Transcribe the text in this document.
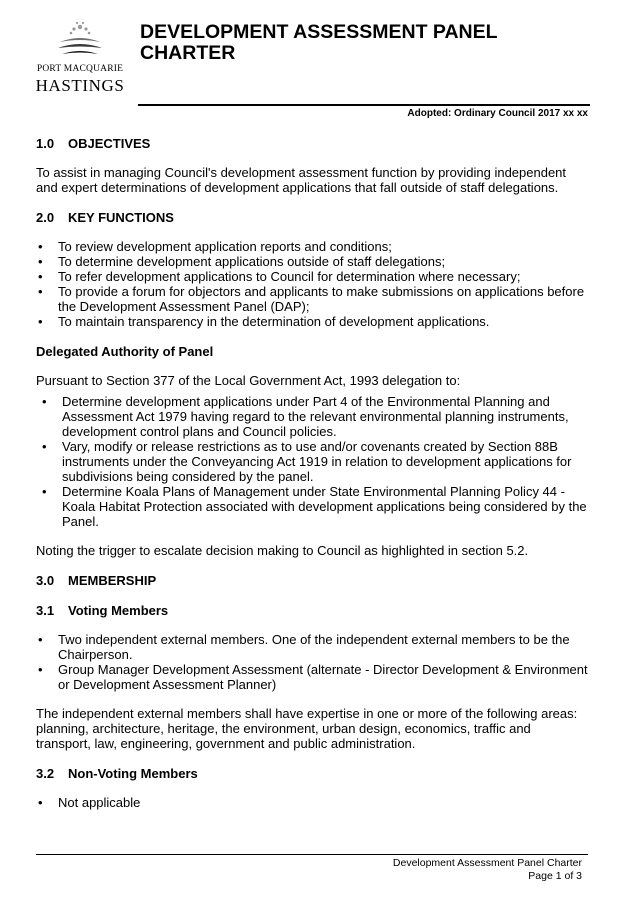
PORT MACQUARIE
HASTINGS
DEVELOPMENT ASSESSMENT PANEL
CHARTER
Adopted: Ordinary Council 2017 xx xx

1.0 OBJECTIVES

To assist in managing Council's development assessment function by providing independent and expert determinations of development applications that fall outside of staff delegations.

2.0 KEY FUNCTIONS

• To review development application reports and conditions;
• To determine development applications outside of staff delegations;
• To refer development applications to Council for determination where necessary;
• To provide a forum for objectors and applicants to make submissions on applications before the Development Assessment Panel (DAP);
• To maintain transparency in the determination of development applications.

Delegated Authority of Panel

Pursuant to Section 377 of the Local Government Act, 1993 delegation to:

• Determine development applications under Part 4 of the Environmental Planning and Assessment Act 1979 having regard to the relevant environmental planning instruments, development control plans and Council policies.
• Vary, modify or release restrictions as to use and/or covenants created by Section 88B instruments under the Conveyancing Act 1919 in relation to development applications for subdivisions being considered by the panel.
• Determine Koala Plans of Management under State Environmental Planning Policy 44 - Koala Habitat Protection associated with development applications being considered by the Panel.

Noting the trigger to escalate decision making to Council as highlighted in section 5.2.

3.0 MEMBERSHIP

3.1 Voting Members

• Two independent external members. One of the independent external members to be the Chairperson.
• Group Manager Development Assessment (alternate - Director Development & Environment or Development Assessment Planner)

The independent external members shall have expertise in one or more of the following areas: planning, architecture, heritage, the environment, urban design, economics, traffic and transport, law, engineering, government and public administration.

3.2 Non-Voting Members

• Not applicable
Development Assessment Panel Charter
Page 1 of 3
